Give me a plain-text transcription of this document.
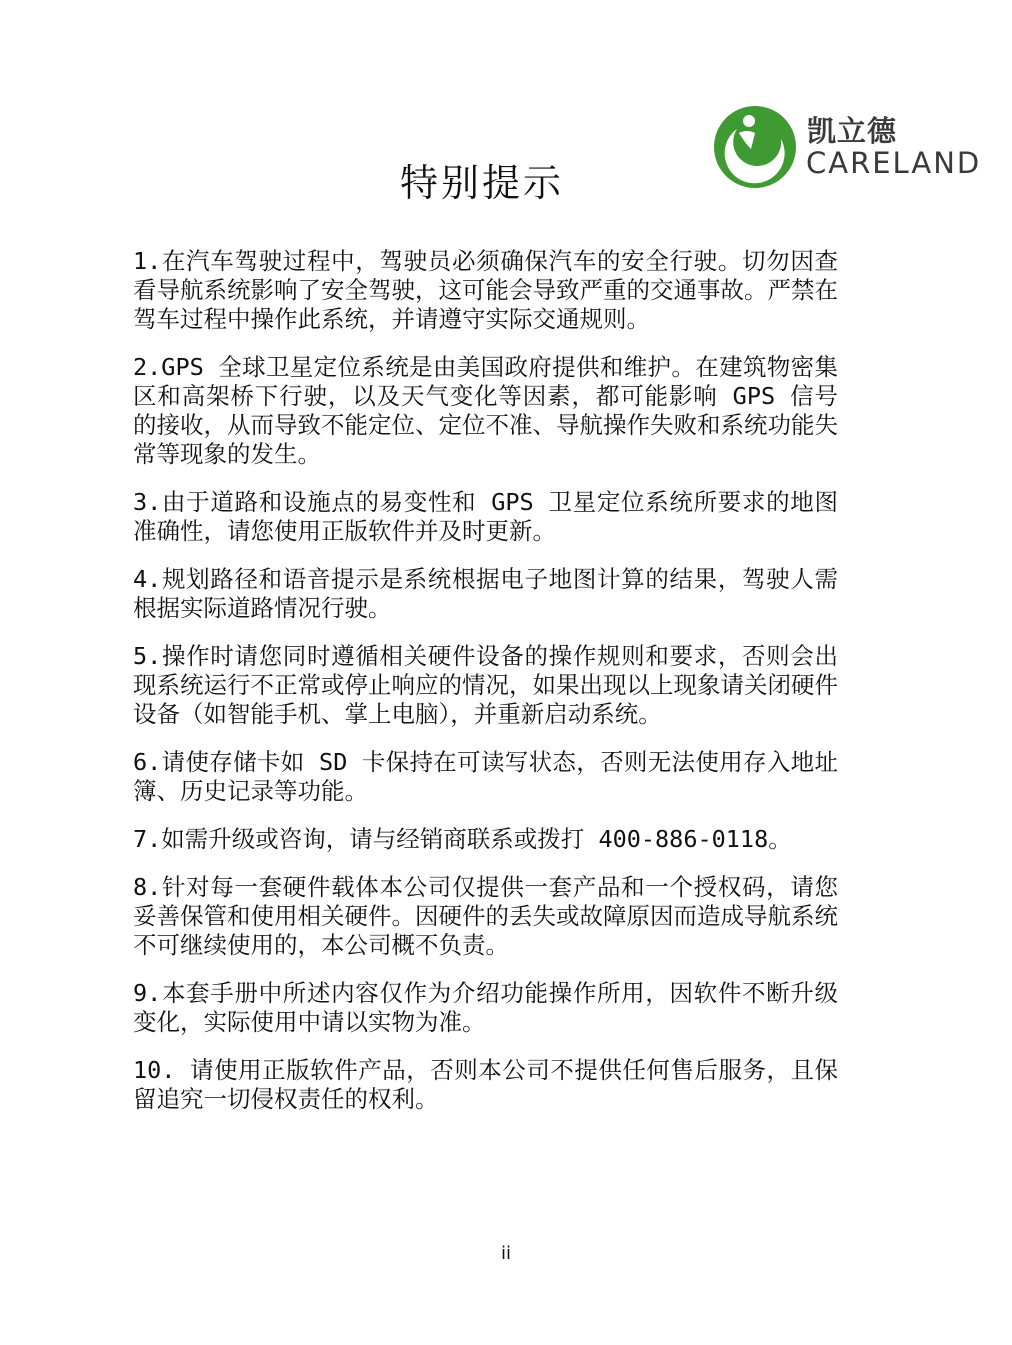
凯立德
CARELAND
特别提示

1.在汽车驾驶过程中，驾驶员必须确保汽车的安全行驶。切勿因查看导航系统影响了安全驾驶，这可能会导致严重的交通事故。严禁在驾车过程中操作此系统，并请遵守实际交通规则。

2.GPS 全球卫星定位系统是由美国政府提供和维护。在建筑物密集区和高架桥下行驶，以及天气变化等因素，都可能影响 GPS 信号的接收，从而导致不能定位、定位不准、导航操作失败和系统功能失常等现象的发生。

3.由于道路和设施点的易变性和 GPS 卫星定位系统所要求的地图准确性，请您使用正版软件并及时更新。

4.规划路径和语音提示是系统根据电子地图计算的结果，驾驶人需根据实际道路情况行驶。

5.操作时请您同时遵循相关硬件设备的操作规则和要求，否则会出现系统运行不正常或停止响应的情况，如果出现以上现象请关闭硬件设备（如智能手机、掌上电脑），并重新启动系统。

6.请使存储卡如 SD 卡保持在可读写状态，否则无法使用存入地址簿、历史记录等功能。

7.如需升级或咨询，请与经销商联系或拨打 400-886-0118。

8.针对每一套硬件载体本公司仅提供一套产品和一个授权码，请您妥善保管和使用相关硬件。因硬件的丢失或故障原因而造成导航系统不可继续使用的，本公司概不负责。

9.本套手册中所述内容仅作为介绍功能操作所用，因软件不断升级变化，实际使用中请以实物为准。

10. 请使用正版软件产品，否则本公司不提供任何售后服务，且保留追究一切侵权责任的权利。

ii
